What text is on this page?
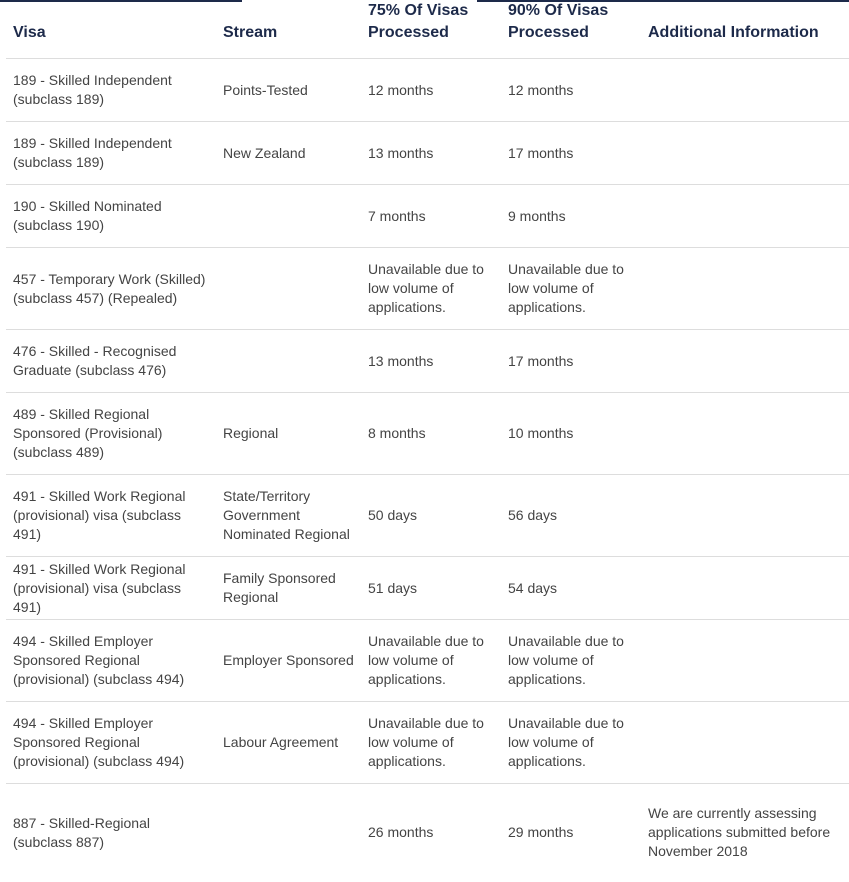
Visa	Stream	75% Of Visas Processed	90% Of Visas Processed	Additional Information
189 - Skilled Independent (subclass 189)	Points-Tested	12 months	12 months	
189 - Skilled Independent (subclass 189)	New Zealand	13 months	17 months	
190 - Skilled Nominated (subclass 190)		7 months	9 months	
457 - Temporary Work (Skilled) (subclass 457) (Repealed)		Unavailable due to low volume of applications.	Unavailable due to low volume of applications.	
476 - Skilled - Recognised Graduate (subclass 476)		13 months	17 months	
489 - Skilled Regional Sponsored (Provisional) (subclass 489)	Regional	8 months	10 months	
491 - Skilled Work Regional (provisional) visa (subclass 491)	State/Territory Government Nominated Regional	50 days	56 days	
491 - Skilled Work Regional (provisional) visa (subclass 491)	Family Sponsored Regional	51 days	54 days	
494 - Skilled Employer Sponsored Regional (provisional) (subclass 494)	Employer Sponsored	Unavailable due to low volume of applications.	Unavailable due to low volume of applications.	
494 - Skilled Employer Sponsored Regional (provisional) (subclass 494)	Labour Agreement	Unavailable due to low volume of applications.	Unavailable due to low volume of applications.	
887 - Skilled-Regional (subclass 887)		26 months	29 months	We are currently assessing applications submitted before November 2018
